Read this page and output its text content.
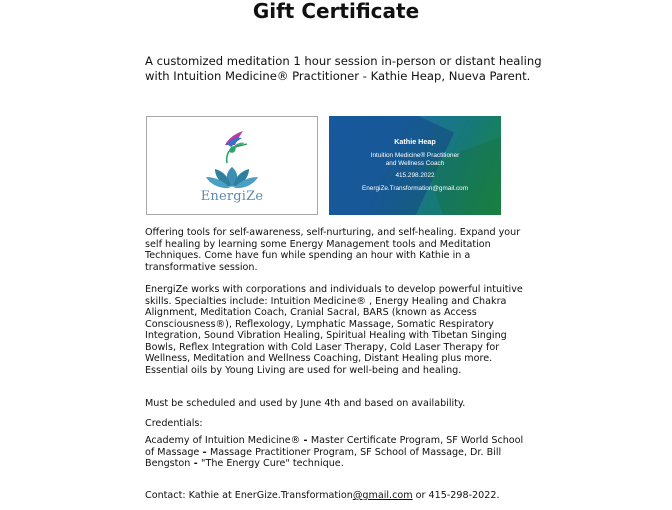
Gift Certificate
A customized meditation 1 hour session in-person or distant healing with Intuition Medicine® Practitioner - Kathie Heap, Nueva Parent.
EnergiZe
Kathie Heap
Intuition Medicine® Practitioner
and Wellness Coach
415.298.2022
EnergiZe.Transformation@gmail.com
Offering tools for self-awareness, self-nurturing, and self-healing. Expand your self healing by learning some Energy Management tools and Meditation Techniques. Come have fun while spending an hour with Kathie in a transformative session.
EnergiZe works with corporations and individuals to develop powerful intuitive skills. Specialties include: Intuition Medicine® , Energy Healing and Chakra Alignment, Meditation Coach, Cranial Sacral, BARS (known as Access Consciousness®), Reflexology, Lymphatic Massage, Somatic Respiratory Integration, Sound Vibration Healing, Spiritual Healing with Tibetan Singing Bowls, Reflex Integration with Cold Laser Therapy, Cold Laser Therapy for Wellness, Meditation and Wellness Coaching, Distant Healing plus more. Essential oils by Young Living are used for well-being and healing.
Must be scheduled and used by June 4th and based on availability.
Credentials:
Academy of Intuition Medicine® - Master Certificate Program, SF World School of Massage - Massage Practitioner Program, SF School of Massage, Dr. Bill Bengston - "The Energy Cure" technique.
Contact: Kathie at EnerGize.Transformation@gmail.com or 415-298-2022.
